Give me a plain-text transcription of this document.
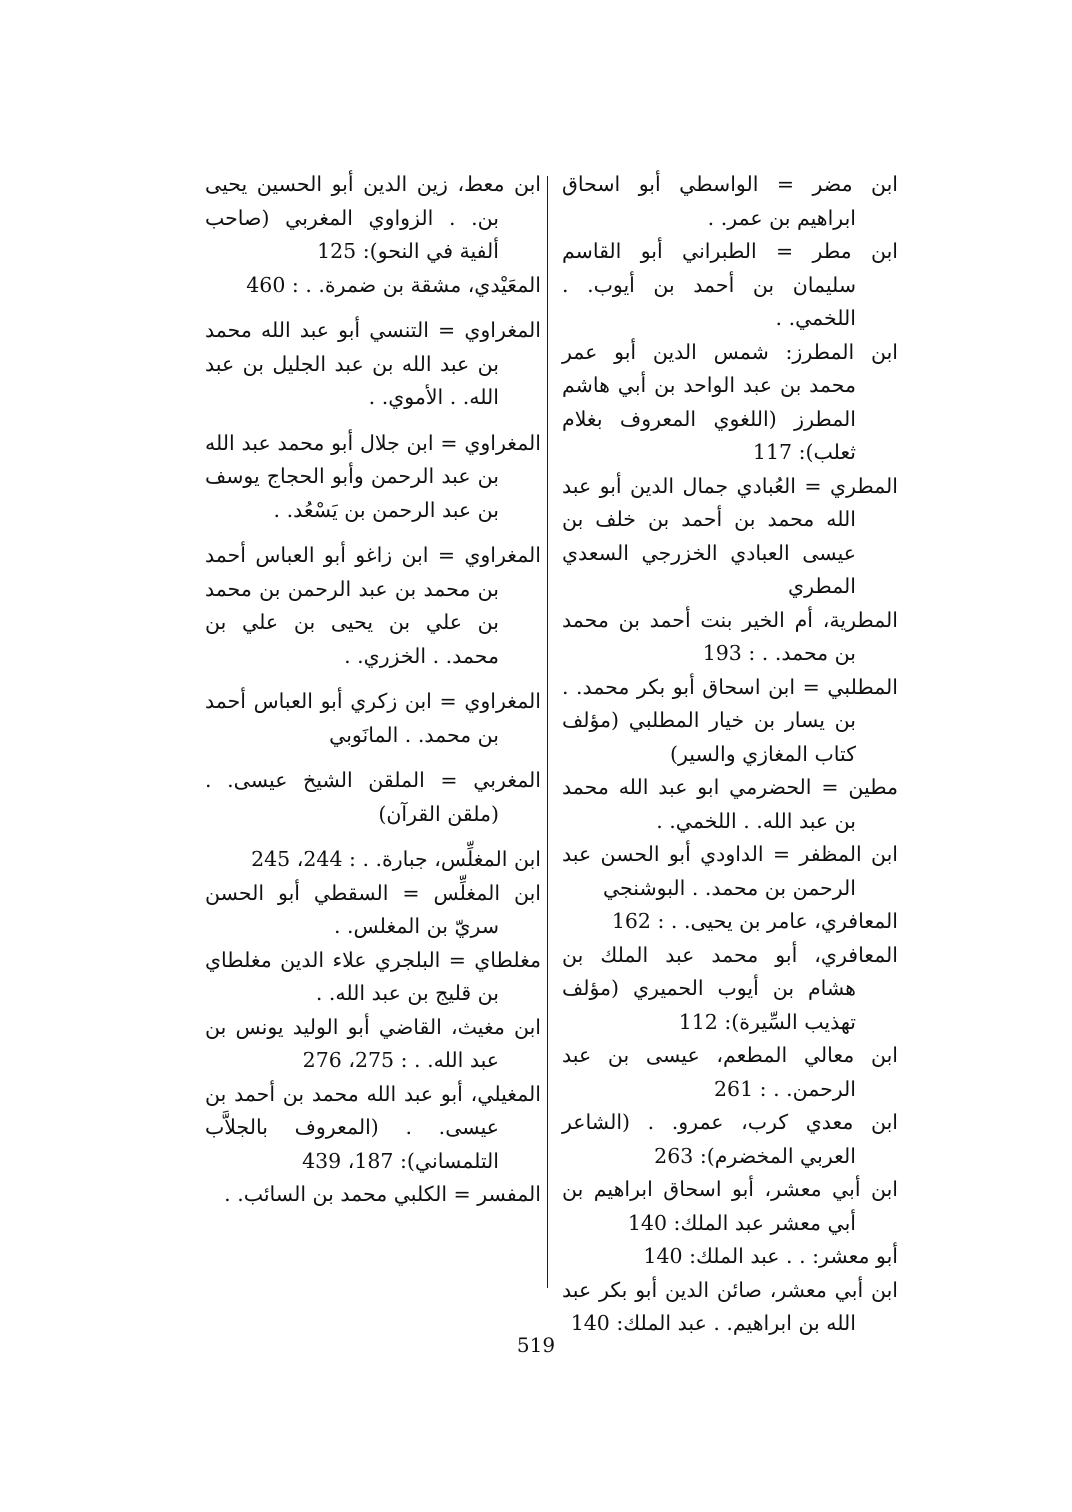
ابن مضر = الواسطي أبو اسحاق ابراهيم بن عمر. .

ابن مطر = الطبراني أبو القاسم سليمان بن أحمد بن أيوب. . اللخمي. .

ابن المطرز: شمس الدين أبو عمر محمد بن عبد الواحد بن أبي هاشم المطرز (اللغوي المعروف بغلام ثعلب): 117

المطري = العُبادي جمال الدين أبو عبد الله محمد بن أحمد بن خلف بن عيسى العبادي الخزرجي السعدي المطري

المطرية، أم الخير بنت أحمد بن محمد بن محمد. . : 193

المطلبي = ابن اسحاق أبو بكر محمد. . بن يسار بن خيار المطلبي (مؤلف كتاب المغازي والسير)

مطين = الحضرمي ابو عبد الله محمد بن عبد الله. . اللخمي. .

ابن المظفر = الداودي أبو الحسن عبد الرحمن بن محمد. . البوشنجي

المعافري، عامر بن يحيى. . : 162

المعافري، أبو محمد عبد الملك بن هشام بن أيوب الحميري (مؤلف تهذيب السِّيرة): 112

ابن معالي المطعم، عيسى بن عبد الرحمن. . : 261

ابن معدي كرب، عمرو. . (الشاعر العربي المخضرم): 263

ابن أبي معشر، أبو اسحاق ابراهيم بن أبي معشر عبد الملك: 140

أبو معشر: . . عبد الملك: 140

ابن أبي معشر، صائن الدين أبو بكر عبد الله بن ابراهيم. . عبد الملك: 140

ابن معط، زين الدين أبو الحسين يحيى بن. . الزواوي المغربي (صاحب ألفية في النحو): 125

المعَيْدي، مشقة بن ضمرة. . : 460

المغراوي = التنسي أبو عبد الله محمد بن عبد الله بن عبد الجليل بن عبد الله. . الأموي. .

المغراوي = ابن جلال أبو محمد عبد الله بن عبد الرحمن وأبو الحجاج يوسف بن عبد الرحمن بن يَسْعُد. .

المغراوي = ابن زاغو أبو العباس أحمد بن محمد بن عبد الرحمن بن محمد بن علي بن يحيى بن علي بن محمد. . الخزري. .

المغراوي = ابن زكري أبو العباس أحمد بن محمد. . المانَوبي

المغربي = الملقن الشيخ عيسى. . (ملقن القرآن)

ابن المغلِّس، جبارة. . : 244، 245

ابن المغلِّس = السقطي أبو الحسن سريّ بن المغلس. .

مغلطاي = البلجري علاء الدين مغلطاي بن قليج بن عبد الله. .

ابن مغيث، القاضي أبو الوليد يونس بن عبد الله. . : 275، 276

المغيلي، أبو عبد الله محمد بن أحمد بن عيسى. . (المعروف بالجلاَّب التلمساني): 187، 439

المفسر = الكلبي محمد بن السائب. .

519
